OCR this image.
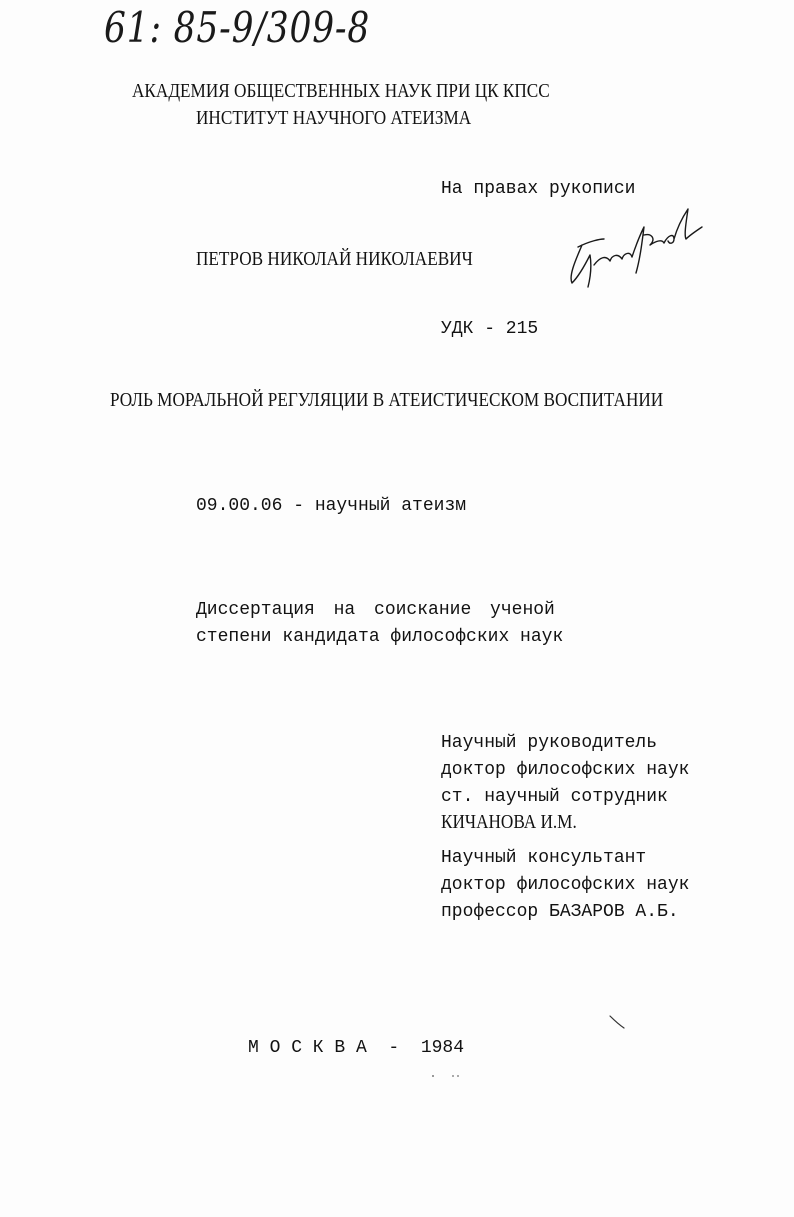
61: 85-9/309-8
АКАДЕМИЯ ОБЩЕСТВЕННЫХ НАУК ПРИ ЦК КПСС
ИНСТИТУТ НАУЧНОГО АТЕИЗМА
На правах рукописи
ПЕТРОВ НИКОЛАЙ НИКОЛАЕВИЧ
УДК - 215
РОЛЬ МОРАЛЬНОЙ РЕГУЛЯЦИИ В АТЕИСТИЧЕСКОМ ВОСПИТАНИИ
09.00.06 - научный атеизм
Диссертация на соискание ученой
степени кандидата философских наук
Научный руководитель
доктор философских наук
ст. научный сотрудник
КИЧАНОВА И.М.
Научный консультант
доктор философских наук
профессор БАЗАРОВ А.Б.
М О С К В А  -  1984
